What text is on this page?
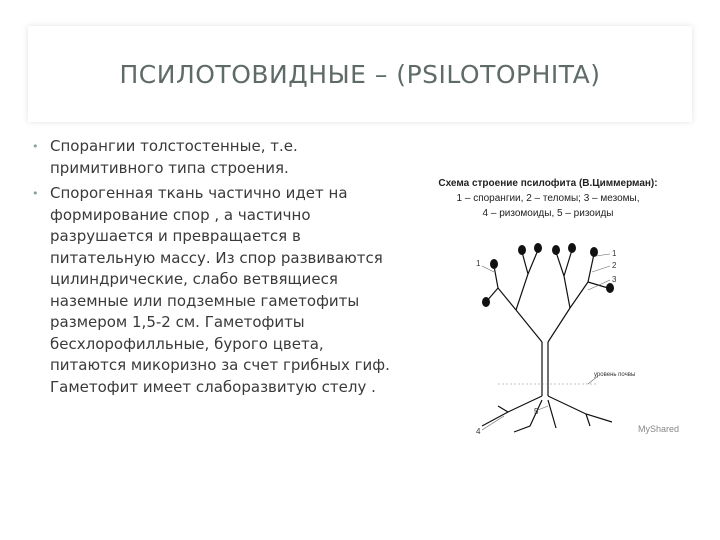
ПСИЛОТОВИДНЫЕ – (PSILOTOPHITA)
• Спорангии толстостенные, т.е. примитивного типа строения.
• Спорогенная ткань частично идет на формирование спор , а частично разрушается и превращается в питательную массу. Из спор развиваются цилиндрические, слабо ветвящиеся наземные или подземные гаметофиты размером 1,5-2 см. Гаметофиты бесхлорофилльные, бурого цвета, питаются микоризно за счет грибных гиф. Гаметофит имеет слаборазвитую стелу .
Схема строение псилофита (В.Циммерман):
1 – спорангии, 2 – теломы; 3 – мезомы,
4 – ризомоиды, 5 – ризоиды
1
1
2
3
4
5
уровень почвы
MyShared
